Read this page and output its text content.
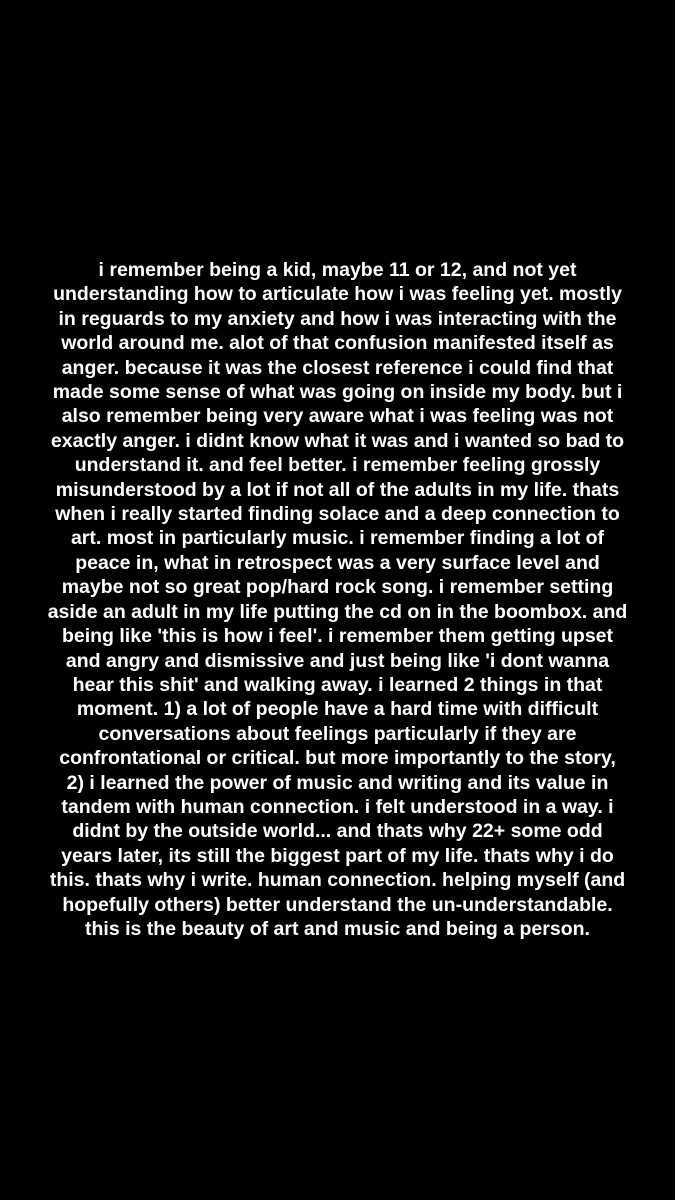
i remember being a kid, maybe 11 or 12, and not yet
understanding how to articulate how i was feeling yet. mostly
in reguards to my anxiety and how i was interacting with the
world around me. alot of that confusion manifested itself as
anger. because it was the closest reference i could find that
made some sense of what was going on inside my body. but i
also remember being very aware what i was feeling was not
exactly anger. i didnt know what it was and i wanted so bad to
understand it. and feel better. i remember feeling grossly
misunderstood by a lot if not all of the adults in my life. thats
when i really started finding solace and a deep connection to
art. most in particularly music. i remember finding a lot of
peace in, what in retrospect was a very surface level and
maybe not so great pop/hard rock song. i remember setting
aside an adult in my life putting the cd on in the boombox. and
being like 'this is how i feel'. i remember them getting upset
and angry and dismissive and just being like 'i dont wanna
hear this shit' and walking away. i learned 2 things in that
moment. 1) a lot of people have a hard time with difficult
conversations about feelings particularly if they are
confrontational or critical. but more importantly to the story,
2) i learned the power of music and writing and its value in
tandem with human connection. i felt understood in a way. i
didnt by the outside world... and thats why 22+ some odd
years later, its still the biggest part of my life. thats why i do
this. thats why i write. human connection. helping myself (and
hopefully others) better understand the un-understandable.
this is the beauty of art and music and being a person.
